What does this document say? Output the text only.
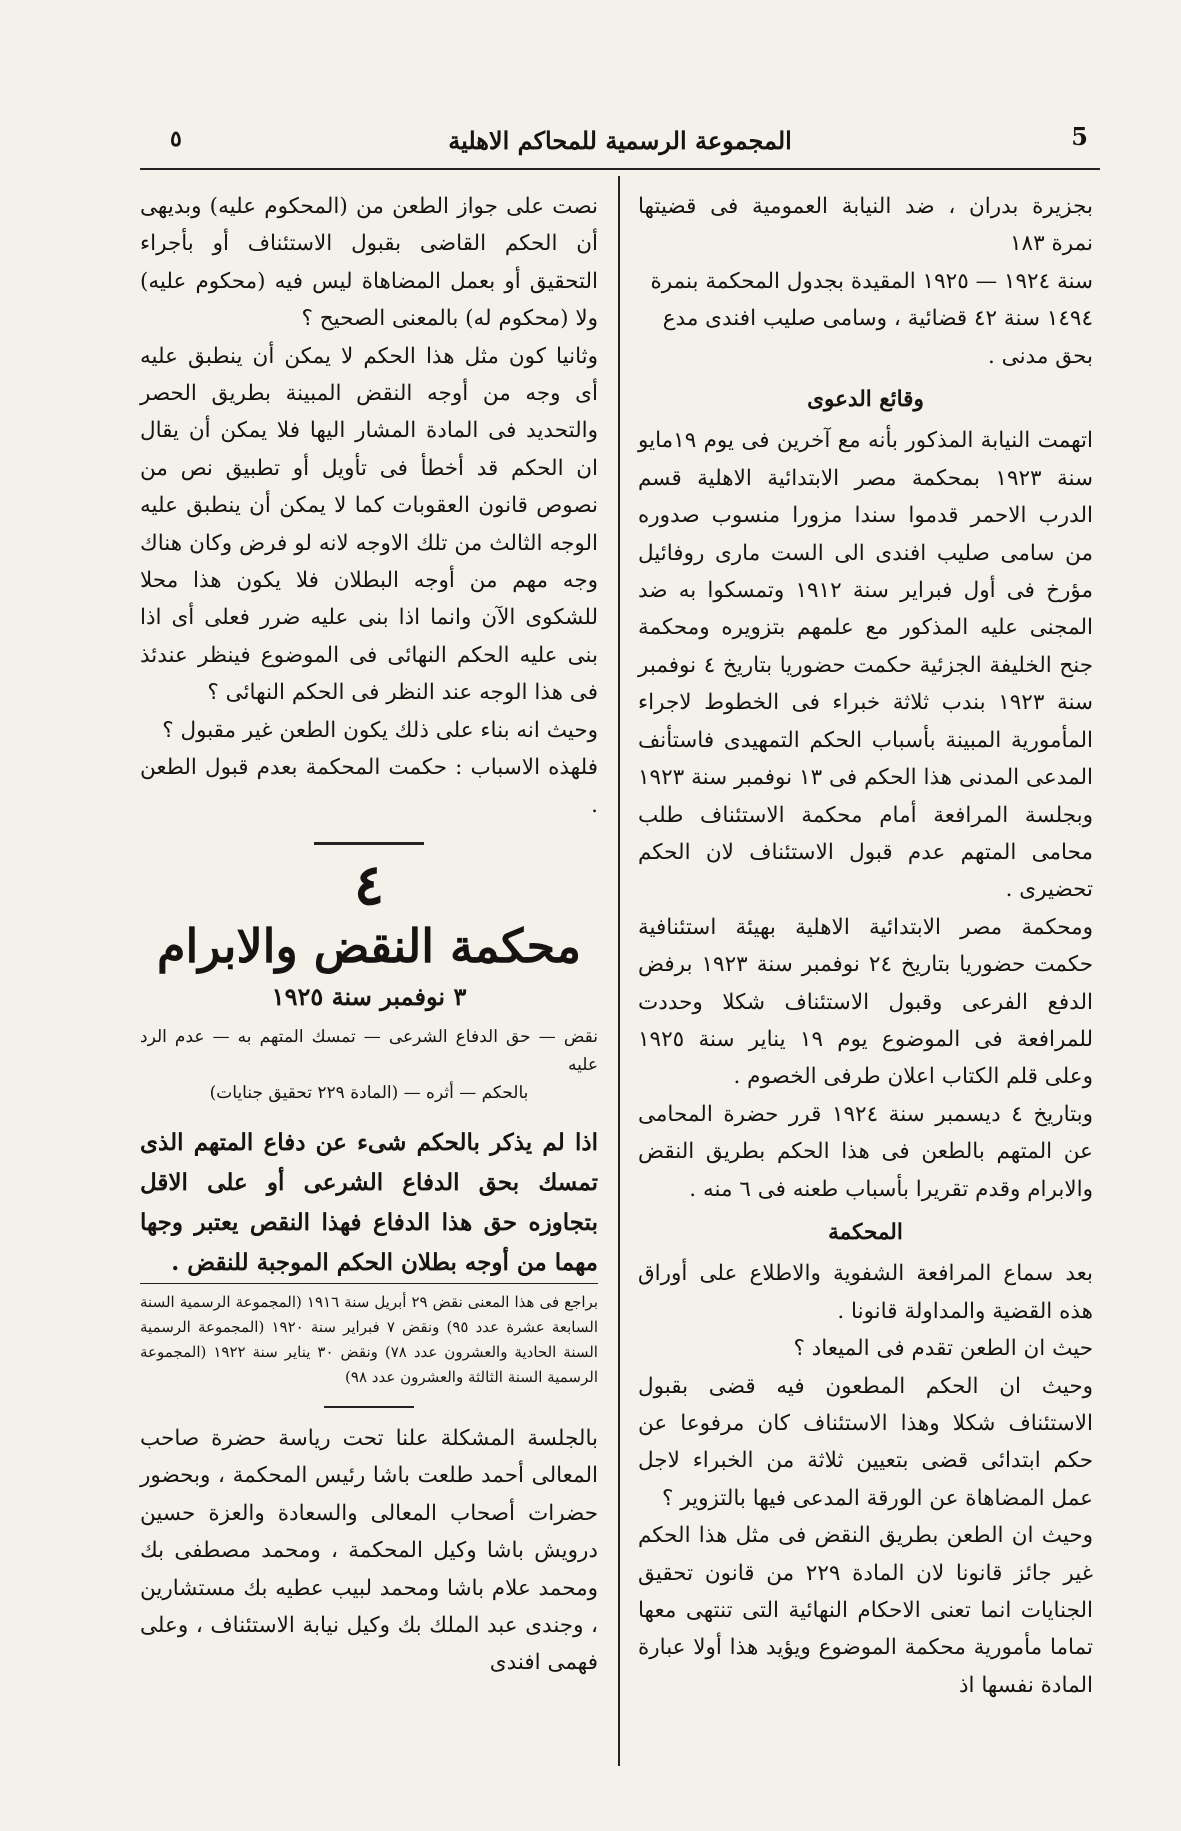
٥	المجموعة الرسمية للمحاكم الاهلية	5

بجزيرة بدران ، ضد النيابة العمومية فى قضيتها نمرة ١٨٣

سنة ١٩٢٤ — ١٩٢٥ المقيدة بجدول المحكمة بنمرة

١٤٩٤ سنة ٤٢ قضائية ، وسامى صليب افندى مدع

بحق مدنى .

وقائع الدعوى

اتهمت النيابة المذكور بأنه مع آخرين فى يوم ١٩مايو سنة ١٩٢٣ بمحكمة مصر الابتدائية الاهلية قسم الدرب الاحمر قدموا سندا مزورا منسوب صدوره من سامى صليب افندى الى الست مارى روفائيل مؤرخ فى أول فبراير سنة ١٩١٢ وتمسكوا به ضد المجنى عليه المذكور مع علمهم بتزويره ومحكمة جنح الخليفة الجزئية حكمت حضوريا بتاريخ ٤ نوفمبر سنة ١٩٢٣ بندب ثلاثة خبراء فى الخطوط لاجراء المأمورية المبينة بأسباب الحكم التمهيدى فاستأنف المدعى المدنى هذا الحكم فى ١٣ نوفمبر سنة ١٩٢٣ وبجلسة المرافعة أمام محكمة الاستئناف طلب محامى المتهم عدم قبول الاستئناف لان الحكم تحضيرى .

ومحكمة مصر الابتدائية الاهلية بهيئة استئنافية حكمت حضوريا بتاريخ ٢٤ نوفمبر سنة ١٩٢٣ برفض الدفع الفرعى وقبول الاستئناف شكلا وحددت للمرافعة فى الموضوع يوم ١٩ يناير سنة ١٩٢٥ وعلى قلم الكتاب اعلان طرفى الخصوم .

وبتاريخ ٤ ديسمبر سنة ١٩٢٤ قرر حضرة المحامى عن المتهم بالطعن فى هذا الحكم بطريق النقض والابرام وقدم تقريرا بأسباب طعنه فى ٦ منه .

المحكمة

بعد سماع المرافعة الشفوية والاطلاع على أوراق هذه القضية والمداولة قانونا .

حيث ان الطعن تقدم فى الميعاد ؟

وحيث ان الحكم المطعون فيه قضى بقبول الاستئناف شكلا وهذا الاستئناف كان مرفوعا عن حكم ابتدائى قضى بتعيين ثلاثة من الخبراء لاجل عمل المضاهاة عن الورقة المدعى فيها بالتزوير ؟

وحيث ان الطعن بطريق النقض فى مثل هذا الحكم غير جائز قانونا لان المادة ٢٢٩ من قانون تحقيق الجنايات انما تعنى الاحكام النهائية التى تنتهى معها تماما مأمورية محكمة الموضوع ويؤيد هذا أولا عبارة المادة نفسها اذ

نصت على جواز الطعن من (المحكوم عليه) وبديهى أن الحكم القاضى بقبول الاستئناف أو بأجراء التحقيق أو بعمل المضاهاة ليس فيه (محكوم عليه) ولا (محكوم له) بالمعنى الصحيح ؟

وثانيا كون مثل هذا الحكم لا يمكن أن ينطبق عليه أى وجه من أوجه النقض المبينة بطريق الحصر والتحديد فى المادة المشار اليها فلا يمكن أن يقال ان الحكم قد أخطأ فى تأويل أو تطبيق نص من نصوص قانون العقوبات كما لا يمكن أن ينطبق عليه الوجه الثالث من تلك الاوجه لانه لو فرض وكان هناك وجه مهم من أوجه البطلان فلا يكون هذا محلا للشكوى الآن وانما اذا بنى عليه ضرر فعلى أى اذا بنى عليه الحكم النهائى فى الموضوع فينظر عندئذ فى هذا الوجه عند النظر فى الحكم النهائى ؟

وحيث انه بناء على ذلك يكون الطعن غير مقبول ؟

فلهذه الاسباب : حكمت المحكمة بعدم قبول الطعن .

٤

محكمة النقض والابرام

٣ نوفمبر سنة ١٩٢٥

نقض — حق الدفاع الشرعى — تمسك المتهم به — عدم الرد عليه

بالحكم — أثره — (المادة ٢٢٩ تحقيق جنايات)

اذا لم يذكر بالحكم شىء عن دفاع المتهم الذى تمسك بحق الدفاع الشرعى أو على الاقل بتجاوزه حق هذا الدفاع فهذا النقص يعتبر وجها مهما من أوجه بطلان الحكم الموجبة للنقض .

براجع فى هذا المعنى نقض ٢٩ أبريل سنة ١٩١٦ (المجموعة الرسمية السنة السابعة عشرة عدد ٩٥) ونقض ٧ فبراير سنة ١٩٢٠ (المجموعة الرسمية السنة الحادية والعشرون عدد ٧٨) ونقض ٣٠ يناير سنة ١٩٢٢ (المجموعة الرسمية السنة الثالثة والعشرون عدد ٩٨)

بالجلسة المشكلة علنا تحت رياسة حضرة صاحب المعالى أحمد طلعت باشا رئيس المحكمة ، وبحضور حضرات أصحاب المعالى والسعادة والعزة حسين درويش باشا وكيل المحكمة ، ومحمد مصطفى بك ومحمد علام باشا ومحمد لبيب عطيه بك مستشارين ، وجندى عبد الملك بك وكيل نيابة الاستئناف ، وعلى فهمى افندى
